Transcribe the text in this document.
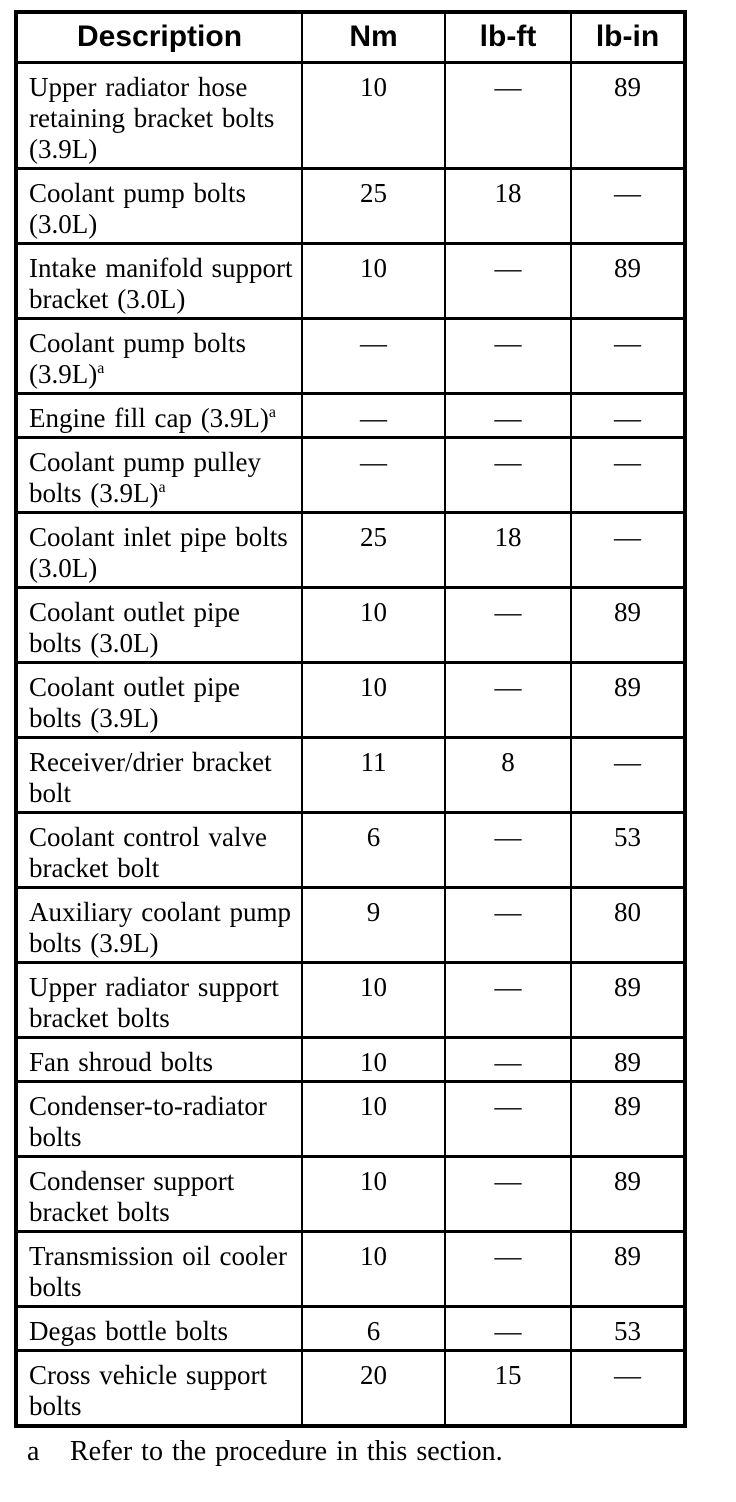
Description	Nm	lb-ft	lb-in
Upper radiator hose retaining bracket bolts (3.9L)	10	—	89
Coolant pump bolts (3.0L)	25	18	—
Intake manifold support bracket (3.0L)	10	—	89
Coolant pump bolts (3.9L)$^a$	—	—	—
Engine fill cap (3.9L)$^a$	—	—	—
Coolant pump pulley bolts (3.9L)$^a$	—	—	—
Coolant inlet pipe bolts (3.0L)	25	18	—
Coolant outlet pipe bolts (3.0L)	10	—	89
Coolant outlet pipe bolts (3.9L)	10	—	89
Receiver/drier bracket bolt	11	8	—
Coolant control valve bracket bolt	6	—	53
Auxiliary coolant pump bolts (3.9L)	9	—	80
Upper radiator support bracket bolts	10	—	89
Fan shroud bolts	10	—	89
Condenser-to-radiator bolts	10	—	89
Condenser support bracket bolts	10	—	89
Transmission oil cooler bolts	10	—	89
Degas bottle bolts	6	—	53
Cross vehicle support bolts	20	15	—
a	Refer to the procedure in this section.
